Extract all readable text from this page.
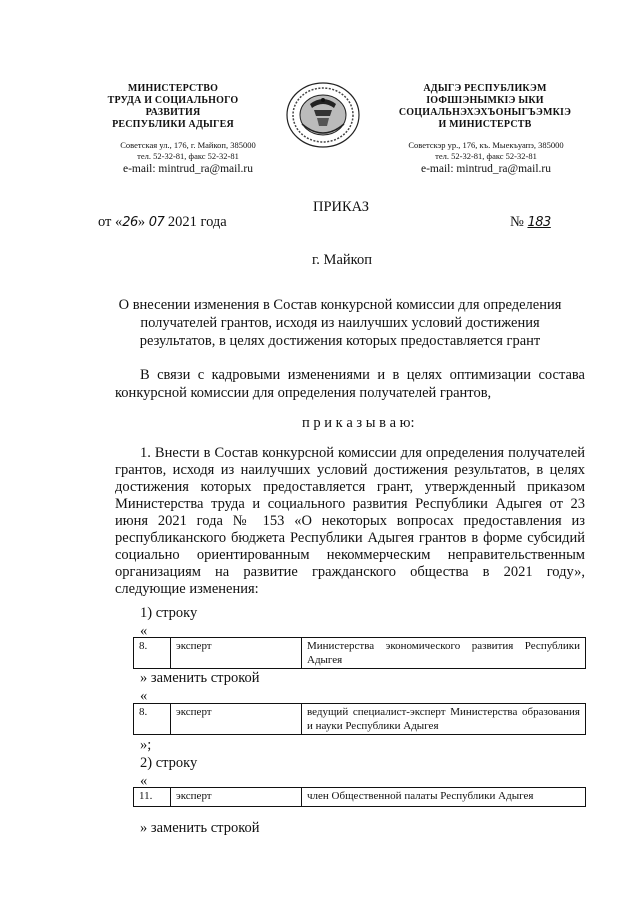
МИНИСТЕРСТВО
ТРУДА И СОЦИАЛЬНОГО
РАЗВИТИЯ
РЕСПУБЛИКИ АДЫГЕЯ
Советская ул., 176, г. Майкоп, 385000
тел. 52-32-81, факс 52-32-81
e-mail: mintrud_ra@mail.ru
АДЫГЭ РЕСПУБЛИКЭМ
ІОФШІЭНЫМКІЭ ЫКИ
СОЦИАЛЬНЭХЭХЪОНЫГЪЭМКІЭ
И МИНИСТЕРСТВ
Советскэр ур., 176, къ. Мыекъуапэ, 385000
тел. 52-32-81, факс 52-32-81
e-mail: mintrud_ra@mail.ru
ПРИКАЗ
от «26» 07 2021 года	№ 183
г. Майкоп
О внесении изменения в Состав конкурсной комиссии для определения
получателей грантов, исходя из наилучших условий достижения
результатов, в целях достижения которых предоставляется грант
В связи с кадровыми изменениями и в целях оптимизации состава конкурсной комиссии для определения получателей грантов,
п р и к а з ы в а ю:
1. Внести в Состав конкурсной комиссии для определения получателей грантов, исходя из наилучших условий достижения результатов, в целях достижения которых предоставляется грант, утвержденный приказом Министерства труда и социального развития Республики Адыгея от 23 июня 2021 года № 153 «О некоторых вопросах предоставления из республиканского бюджета Республики Адыгея грантов в форме субсидий социально ориентированным некоммерческим неправительственным организациям на развитие гражданского общества в 2021 году», следующие изменения:
1) строку
«
8.	эксперт	Министерства экономического развития Республики Адыгея
» заменить строкой
«
8.	эксперт	ведущий специалист-эксперт Министерства образования и науки Республики Адыгея
»;
2) строку
«
11.	эксперт	член Общественной палаты Республики Адыгея
» заменить строкой
